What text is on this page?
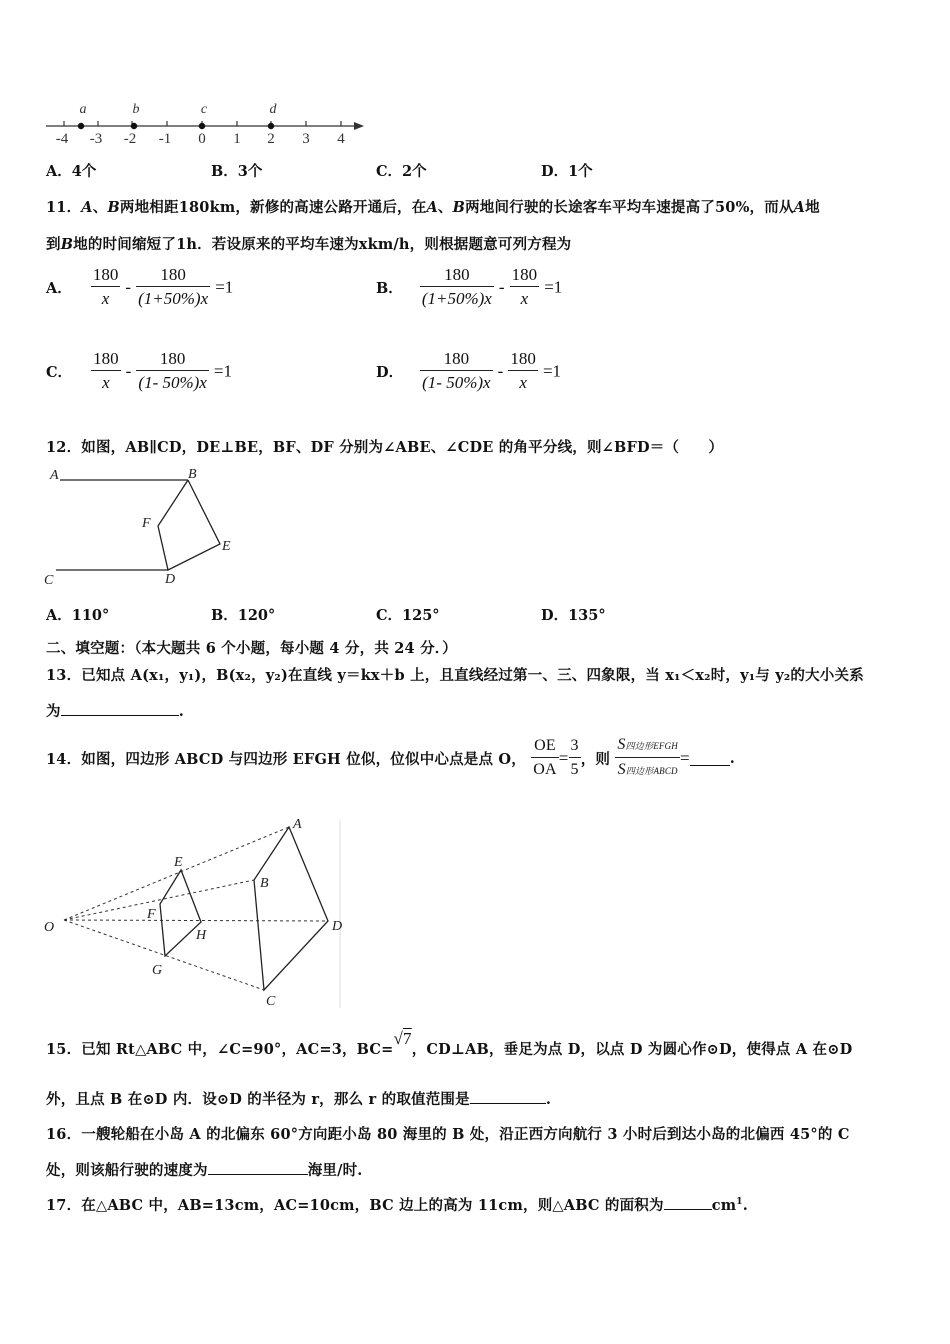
a	b	c	d
-4 -3 -2 -1 0 1 2 3 4
A．4个	B．3个	C．2个	D．1个
11．A、B两地相距180km，新修的高速公路开通后，在A、B两地间行驶的长途客车平均车速提高了50%，而从A地
到B地的时间缩短了1h．若设原来的平均车速为xkm/h，则根据题意可列方程为
A． $\frac{180}{x} - \frac{180}{(1+50\%)x} =1$	B． $\frac{180}{(1+50\%)x} - \frac{180}{x} =1$
C． $\frac{180}{x} - \frac{180}{(1- 50\%)x} =1$	D． $\frac{180}{(1- 50\%)x} - \frac{180}{x} =1$
12．如图，AB∥CD，DE⊥BE，BF、DF 分别为∠ABE、∠CDE 的角平分线，则∠BFD＝（　　）
A	B
F
E
C	D
A．110°	B．120°	C．125°	D．135°
二、填空题：（本大题共 6 个小题，每小题 4 分，共 24 分．）
13．已知点 A(x₁，y₁)，B(x₂，y₂)在直线 y＝kx＋b 上，且直线经过第一、三、四象限，当 x₁＜x₂时，y₁与 y₂的大小关系
为	.
14．如图，四边形 ABCD 与四边形 EFGH 位似，位似中心点是点 O， $\frac{OE}{OA} = \frac{3}{5}$ ，则 $\frac{\text{S四边形EFGH}}{\text{S四边形ABCD}}$ =	.
A
E
B
F
O
H
D
G
C
15．已知 Rt△ABC 中，∠C=90°，AC=3，BC=√7，CD⊥AB，垂足为点 D，以点 D 为圆心作⊙D，使得点 A 在⊙D
外，且点 B 在⊙D 内．设⊙D 的半径为 r，那么 r 的取值范围是	.
16．一艘轮船在小岛 A 的北偏东 60°方向距小岛 80 海里的 B 处，沿正西方向航行 3 小时后到达小岛的北偏西 45°的 C
处，则该船行驶的速度为	海里/时.
17．在△ABC 中，AB=13cm，AC=10cm，BC 边上的高为 11cm，则△ABC 的面积为	$cm^1$.
